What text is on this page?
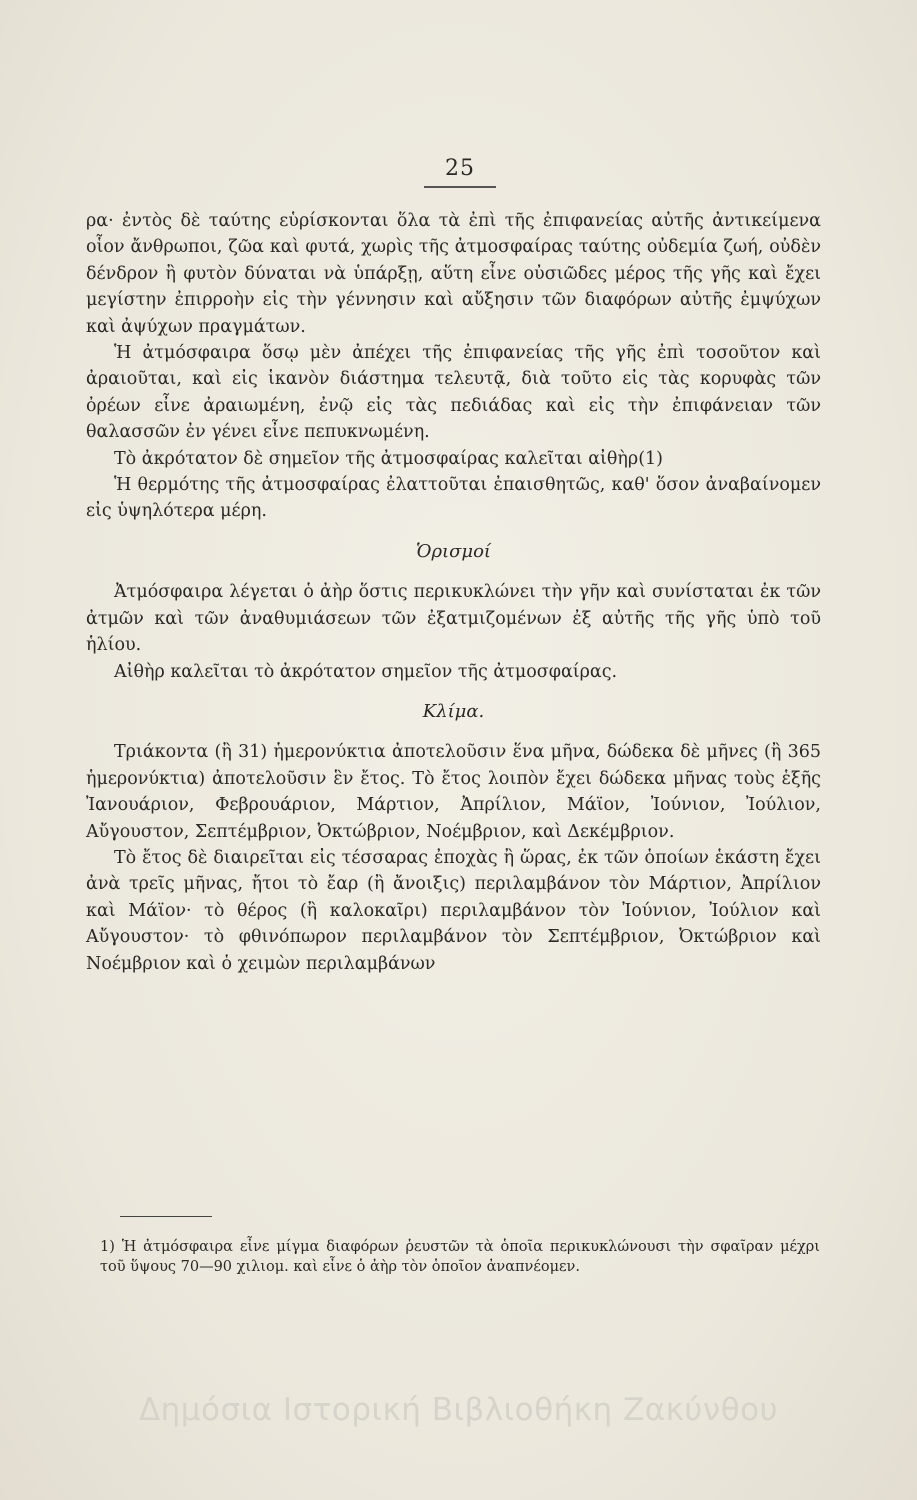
25

ρα· ἐντὸς δὲ ταύτης εὑρίσκονται ὅλα τὰ ἐπὶ τῆς ἐπιφανείας αὐτῆς ἀντικείμενα οἷον ἄνθρωποι, ζῶα καὶ φυτά, χωρὶς τῆς ἀτμοσφαίρας ταύτης οὐδεμία ζωή, οὐδὲν δένδρον ἢ φυτὸν δύναται νὰ ὑπάρξῃ, αὕτη εἶνε οὐσιῶδες μέρος τῆς γῆς καὶ ἔχει μεγίστην ἐπιρροὴν εἰς τὴν γέννησιν καὶ αὔξησιν τῶν διαφόρων αὐτῆς ἐμψύχων καὶ ἀψύχων πραγμάτων.

Ἡ ἀτμόσφαιρα ὅσῳ μὲν ἀπέχει τῆς ἐπιφανείας τῆς γῆς ἐπὶ τοσοῦτον καὶ ἀραιοῦται, καὶ εἰς ἱκανὸν διάστημα τελευτᾷ, διὰ τοῦτο εἰς τὰς κορυφὰς τῶν ὀρέων εἶνε ἀραιωμένη, ἐνῷ εἰς τὰς πεδιάδας καὶ εἰς τὴν ἐπιφάνειαν τῶν θαλασσῶν ἐν γένει εἶνε πεπυκνωμένη.

Τὸ ἀκρότατον δὲ σημεῖον τῆς ἀτμοσφαίρας καλεῖται αἰθὴρ(1)

Ἡ θερμότης τῆς ἀτμοσφαίρας ἐλαττοῦται ἐπαισθητῶς, καθ' ὅσον ἀναβαίνομεν εἰς ὑψηλότερα μέρη.

Ὁρισμοί

Ἀτμόσφαιρα λέγεται ὁ ἀὴρ ὅστις περικυκλώνει τὴν γῆν καὶ συνίσταται ἐκ τῶν ἀτμῶν καὶ τῶν ἀναθυμιάσεων τῶν ἐξατμιζομένων ἐξ αὐτῆς τῆς γῆς ὑπὸ τοῦ ἡλίου.

Αἰθὴρ καλεῖται τὸ ἀκρότατον σημεῖον τῆς ἀτμοσφαίρας.

Κλίμα.

Τριάκοντα (ἢ 31) ἡμερονύκτια ἀποτελοῦσιν ἕνα μῆνα, δώδεκα δὲ μῆνες (ἢ 365 ἡμερονύκτια) ἀποτελοῦσιν ἓν ἔτος. Τὸ ἔτος λοιπὸν ἔχει δώδεκα μῆνας τοὺς ἑξῆς Ἰανουάριον, Φεβρουάριον, Μάρτιον, Ἀπρίλιον, Μάϊον, Ἰούνιον, Ἰούλιον, Αὔγουστον, Σεπτέμβριον, Ὀκτώβριον, Νοέμβριον, καὶ Δεκέμβριον.

Τὸ ἔτος δὲ διαιρεῖται εἰς τέσσαρας ἐποχὰς ἢ ὥρας, ἐκ τῶν ὁποίων ἑκάστη ἔχει ἀνὰ τρεῖς μῆνας, ἤτοι τὸ ἔαρ (ἢ ἄνοιξις) περιλαμβάνον τὸν Μάρτιον, Ἀπρίλιον καὶ Μάϊον· τὸ θέρος (ἢ καλοκαῖρι) περιλαμβάνον τὸν Ἰούνιον, Ἰούλιον καὶ Αὔγουστον· τὸ φθινόπωρον περιλαμβάνον τὸν Σεπτέμβριον, Ὀκτώβριον καὶ Νοέμβριον καὶ ὁ χειμὼν περιλαμβάνων

1) Ἡ ἀτμόσφαιρα εἶνε μίγμα διαφόρων ῥευστῶν τὰ ὁποῖα περικυκλώνουσι τὴν σφαῖραν μέχρι τοῦ ὕψους 70—90 χιλιομ. καὶ εἶνε ὁ ἀὴρ τὸν ὁποῖον ἀναπνέομεν.

Δημόσια Ιστορική Βιβλιοθήκη Ζακύνθου
